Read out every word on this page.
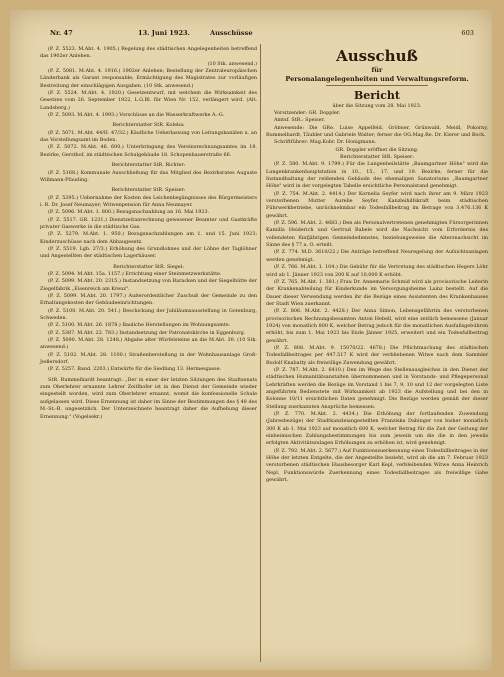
Nr. 47	13. Juni 1923.	Ausschüsse	603
(P. Z. 5523. M.Abt. 4. 1905.) Regelung des städtischen Angelegenheiten betreffend das 1902er Anlehen.
(10 Stk. anwesend.)
(P. Z. 5081. M.Abt. 4. 1916.) 1902er Anlehen; Bestellung der Zentraleuropäischen Länderbank als Garant responsable; Ermächtigung des Magistrates zur vorläufigen Bestreitung der einschlägigen Ausgaben. (10 Stk. anwesend.)
(P. Z. 5524. M.Abt. 4. 1920.) Gesetzentwurf, mit welchem die Wirksamkeit des Gesetzes vom 26. September 1922, L.G.Bl. für Wien Nr. 152, verlängert wird. (Alt. Landsberg.)
(P. Z. 5093. M.Abt. 4. 1993.) Vorschüsse an die Wasserkraftwerke A.-G.
Berichterstatter StR. Koleba:
(P. Z. 5071. M.Abt. 44/II. 47/32.) Käufliche Ueberlassung von Leitungskanälen u. an das Vorstellungsamt im Boden.
(P. Z. 5072. M.Abt. 46. 600.) Unterbringung des Vereinsrechnungsamtes im 18. Bezirke, Gersthof, im städtischen Schulgebäude 18. Schopenhauerstraße 66.
Berichterstatter StR. Richter:
(P. Z. 5168.) Kommunale Ausschließung für das Mitglied des Bezirksrates Auguste Willmann-Pfauding.
Berichterstatter StR. Speiser:
(P. Z. 5395.) Uebernahme der Kosten des Leichenbegängnisses des Bürgermeisters i. R. Dr. Josef Neumayer; Witwenpension für Anna Neumayer.
(P. Z. 5096. M.Abt. 1. 800.) Bezugsnachzahlung an 16. Mai 1923.
(P. Z. 5517. GR. 1231.) Dienstzeitanrechnung gewesener Beamter und Gastkräfte privater Gaswerke in die städtische Gas.
(P. Z. 5279. M.Abt. 1. 950.) Bezugsnachzahlungen am 1. und 15. Juni 1923; Kinderzuschüsse nach dem Abbaugesetz.
(P. Z. 5519. Lgb. 27/3.) Erhöhung des Grundlohnes und der Löhne der Taglöhner und Angestellten der städtischen Lagerhäuser.
Berichterstatter StR. Siegel:
(P. Z. 5094. M.Abt. 15a. 1157.) Errichtung einer Steinmetzwerkstätte.
(P. Z. 5099. M.Abt. 20. 2315.) Instandsetzung von Baracken und der Siegelhütte der Ziegelfabrik „Eisenreich am Kreuz".
(P. Z. 5099. M.Abt. 20. 1797.) Außerordentlicher Zuschuß der Gemeinde zu den Erhaltungskosten der Gebäudeeinrichtungen.
(P. Z. 5100. M.Abt. 20. 541.) Beschickung der Jubiläumsausstellung in Gotenburg, Schweden.
(P. Z. 5100. M.Abt. 26. 1878.) Bauliche Herstellungen im Wohnungsamte.
(P. Z. 5387. M.Abt. 22. 783.) Instandsetzung der Patronatskirche in Eggenburg.
(P. Z. 5090. M.Abt. 28. 1248.) Abgabe alter Würfelsteine an die M.Abt. 30. (10 Stk. anwesend.)
(P. Z. 5102. M.Abt. 28. 1100.) Straßenherstellung in der Wohnhausanlage Groß-Jedlersdorf.
(P. Z. 5257. Band. 2203.) Entwürfe für die Siedlung 13. Hermesgasse.
StR. Rummelhardt beantragt: „Der in einer der letzten Sitzungen des Stadtsenats zum Oberlehrer ernannte Lehrer Zeitlhofer ist in den Dienst der Gemeinde wieder eingestellt worden, wird zum Oberlehrer ernannt, womit die konfessionelle Schule aufgelassen wird. Diese Ernennung ist daher im Sinne der Bestimmungen des § 48 des M.-St.-B. ungesetzlich. Der Unterzeichnete beantragt daher die Aufhebung dieser Ernennung." (Vogelsekr.)
Ausschuß
für
Personalangelegenheiten und Verwaltungsreform.
Bericht
über die Sitzung vom 28. Mai 1923.
Vorsitzender: GR. Doppler.
Amtsf. StR.: Speiser.
Anwesende: Die GRe. Luise Appelfeld, Gröbner, Grünwald, Meidl, Pokorny, Rummelhardt, Täubler und Gabriele Walter; ferner die OG.Mag.Re. Dr. Kierer und Bock.
Schriftführer: Mag.Kobr. Dr. Honigmann.
GR. Doppler eröffnet die Sitzung.
Berichterstatter StR. Speiser:
(P. Z. 580. M.Abt. 9. 1799.) Für die Lungenheilstätte „Baumgartner Höhe" wird die Lungenkrankenhauptstation in 10., 15., 17. und 19. Bezirke, ferner für die Instandhaltung der reißenden Gebäude des ehemaligen Sanatoriums „Baumgartner Höhe" wird in der vorgelegten Tabelle ersichtliche Personalstand genehmigt.
(P. Z. 754. M.Abt. 2. 4414.) Der Kornelia Seyfer wird nach ihrer am 9. März 1923 verstorbenen Mutter Aurelie Seyfer, Kanzleihilfskraft beim städtischen Führwerkbetriebe, unrücknehmbar ein Todesfallbeitrag im Betrage von 3,476.136 K gewährt.
(P. Z. 596. M.Abt. 2. 4683.) Den als Personalvertretenen genehmigten Fürsorgerinnen Kamilla Heiderich und Gertrud Babele wird die Nachsicht vom Erfordernis des vollendeten fünfjährigen Gemeindedienstes, beziehungsweise die Altersnachsicht im Sinne des § 77 a. O. erteilt.
(P. Z. 774. M.D. 3610/22.) Die Anträge betreffend Neuregelung der Aufsichtsanlagen werden genehmigt.
(P. Z. 766. M.Abt. 1. 104.) Die Gebühr für die Vertretung des städtischen Hegers Löhr wird ab 1. Jänner 1923 von 200 K auf 10,000 K erhöht.
(P. Z. 765. M.Abt. 1. 381.) Frau Dr. Annemarie Schmid wird als provisorische Leiterin der Krankenabteilung für Kinderkunde im Versorgungsheime Lainz bestellt. Auf die Dauer dieser Verwendung werden ihr die Bezüge eines Assistenten des Krankenhauses der Stadt Wien zuerkannt.
(P. Z. 806. M.Abt. 2. 4428.) Der Anna Simon, Lebensgefährtin des verstorbenen provisorischen Rechnungsbesamten Anton Hebell, wird eine zeitlich bemessene (Januar 1924) von monatlich 800 K, welcher Betrag jedoch für die monatlichen Ausfallsgebühren erhöht, bis zum 1. Mai 1923 bis Ende Jänner 1925, erweitert und ein Todesfallbeitrag gewährt.
(P. Z. 808. M.Abt. 9. 15070/22. 4678.) Die Pflichtmachung des städtischen Todesfallbeitrages per 447.517 K wird der verbliebenen Witwe nach dem Sammler Rudolf Knabatty als freiwillige Zuwendung gewährt.
(P. Z. 787. M.Abt. 2. 6410.) Den im Wege des Stellenausgleiches in den Dienst der städtischen Humanitätsanstalten übernommenen und in Vorstands- und Pflegepersonal Lehrkräften werden die Bezüge im Vorstand 1 bis 7, 9, 10 und 12 der vorgelegten Liste angeführten Bedienstete mit Wirksamkeit ab 1923 die Aufstellung und bei den in Kolonne 10/11 ersichtlichen Daten genehmigt. Die Bezüge werden gemäß der dieser Stellung zuerkannten Ansprüche bemessen.
(P. Z. 770. M.Abt. 2. 4434.) Die Erhöhung der fortlaufenden Zuwendung (Jahresbezüge) der Stadtkanzleiangestellten Franziska Dabinger von bisher monatlich 300 K ab 1. Mai 1923 auf monatlich 600 K, welcher Betrag für die Zeit der Geltung der einheimischen Zahlungsbestimmungen bis zum jeweils um die die in den jeweils erfolgten Aktivitätszulagen Erhöhungen zu erhöhen ist, wird genehmigt.
(P. Z. 792. M.Abt. 2. 5677.) Auf Funktionszuerkennung eines Todesfallbeitrages in der Höhe der letzten Entgelte, die der Angestellte bezieht, wird ab die am 7. Februar 1923 verstorbenen städtischen Hausbesorger Karl Kepl, verbleibenden Witwe Anna Heinrich Nepl, Funktionswürde Zuerkennung eines Todesfallbeitrages als freiwillige Gabe gewährt.
